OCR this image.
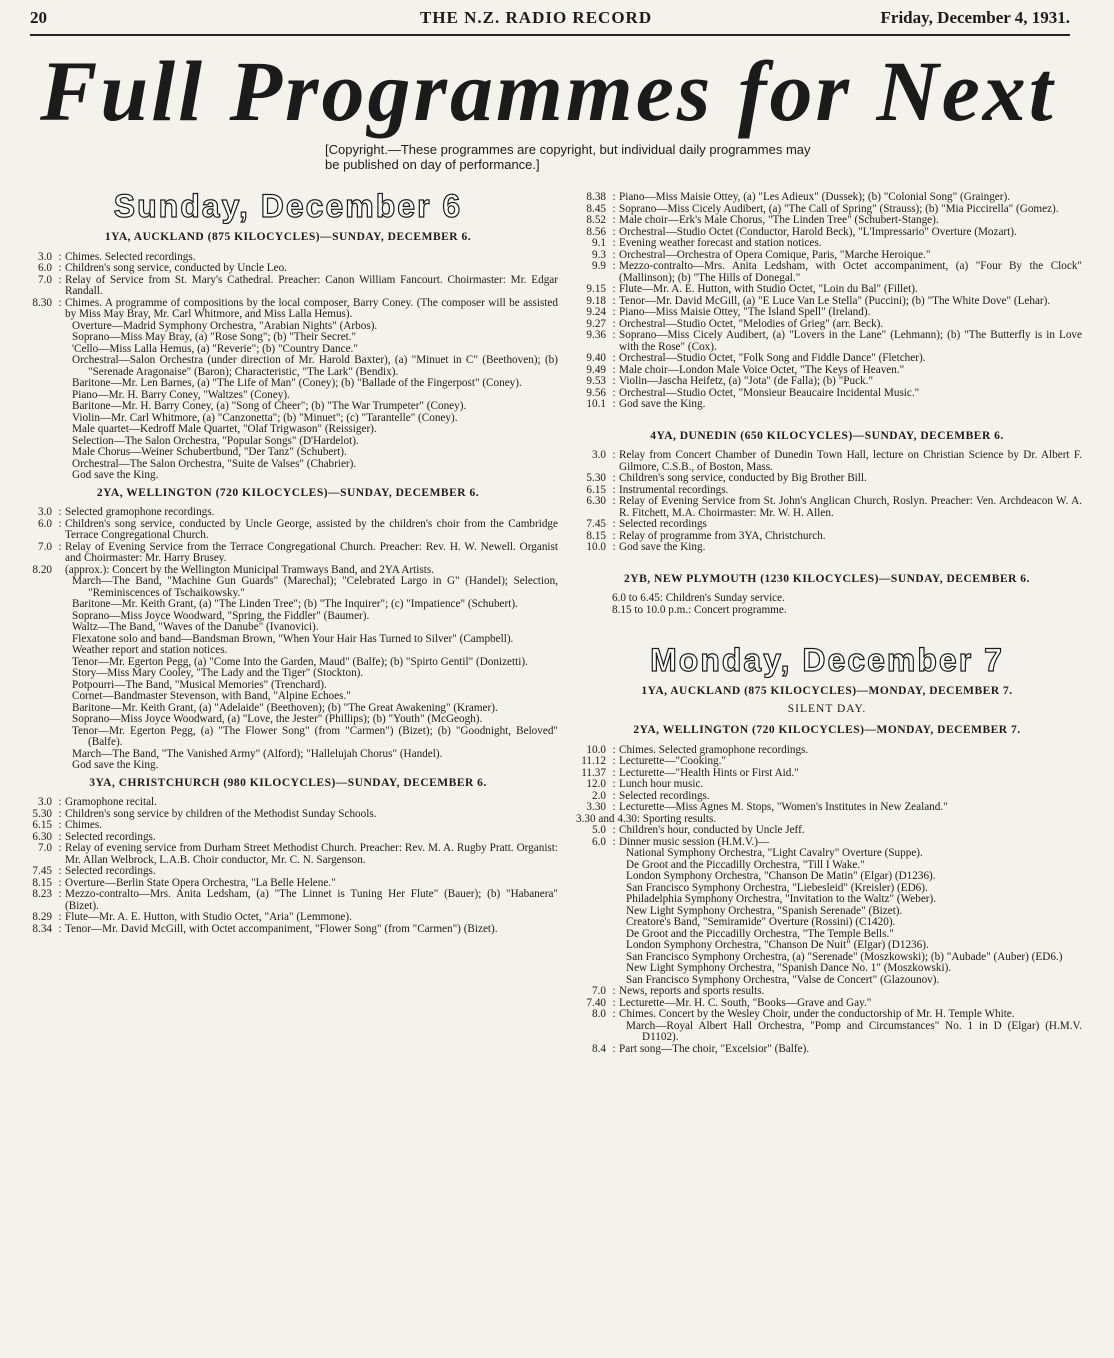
20	THE N.Z. RADIO RECORD	Friday, December 4, 1931.
Full Programmes for Next
[Copyright.—These programmes are copyright, but individual daily programmes may be published on day of performance.]
Sunday, December 6
1YA, AUCKLAND (875 KILOCYCLES)—SUNDAY, DECEMBER 6.
3.0 : Chimes. Selected recordings.
6.0 : Children's song service, conducted by Uncle Leo.
7.0 : Relay of Service from St. Mary's Cathedral. Preacher: Canon William Fancourt. Choirmaster: Mr. Edgar Randall.
8.30 : Chimes. A programme of compositions by the local composer, Barry Coney. (The composer will be assisted by Miss May Bray, Mr. Carl Whitmore, and Miss Lalla Hemus).
Overture—Madrid Symphony Orchestra, "Arabian Nights" (Arbos).
Soprano—Miss May Bray, (a) "Rose Song"; (b) "Their Secret."
'Cello—Miss Lalla Hemus, (a) "Reverie"; (b) "Country Dance."
Orchestral—Salon Orchestra (under direction of Mr. Harold Baxter), (a) "Minuet in C" (Beethoven); (b) "Serenade Aragonaise" (Baron); Characteristic, "The Lark" (Bendix).
Baritone—Mr. Len Barnes, (a) "The Life of Man" (Coney); (b) "Ballade of the Fingerpost" (Coney).
Piano—Mr. H. Barry Coney, "Waltzes" (Coney).
Baritone—Mr. H. Barry Coney, (a) "Song of Cheer"; (b) "The War Trumpeter" (Coney).
Violin—Mr. Carl Whitmore, (a) "Canzonetta"; (b) "Minuet"; (c) "Tarantelle" (Coney).
Male quartet—Kedroff Male Quartet, "Olaf Trigwason" (Reissiger).
Selection—The Salon Orchestra, "Popular Songs" (D'Hardelot).
Male Chorus—Weiner Schubertbund, "Der Tanz" (Schubert).
Orchestral—The Salon Orchestra, "Suite de Valses" (Chabrier).
God save the King.
2YA, WELLINGTON (720 KILOCYCLES)—SUNDAY, DECEMBER 6.
3.0 : Selected gramophone recordings.
6.0 : Children's song service, conducted by Uncle George, assisted by the children's choir from the Cambridge Terrace Congregational Church.
7.0 : Relay of Evening Service from the Terrace Congregational Church. Preacher: Rev. H. W. Newell. Organist and Choirmaster: Mr. Harry Brusey.
8.20 (approx.): Concert by the Wellington Municipal Tramways Band, and 2YA Artists.
March—The Band, "Machine Gun Guards" (Marechal); "Celebrated Largo in G" (Handel); Selection, "Reminiscences of Tschaikowsky."
Baritone—Mr. Keith Grant, (a) "The Linden Tree"; (b) "The Inquirer"; (c) "Impatience" (Schubert).
Soprano—Miss Joyce Woodward, "Spring, the Fiddler" (Baumer).
Waltz—The Band, "Waves of the Danube" (Ivanovici).
Flexatone solo and band—Bandsman Brown, "When Your Hair Has Turned to Silver" (Campbell).
Weather report and station notices.
Tenor—Mr. Egerton Pegg, (a) "Come Into the Garden, Maud" (Balfe); (b) "Spirto Gentil" (Donizetti).
Story—Miss Mary Cooley, "The Lady and the Tiger" (Stockton).
Potpourri—The Band, "Musical Memories" (Trenchard).
Cornet—Bandmaster Stevenson, with Band, "Alpine Echoes."
Baritone—Mr. Keith Grant, (a) "Adelaide" (Beethoven); (b) "The Great Awakening" (Kramer).
Soprano—Miss Joyce Woodward, (a) "Love, the Jester" (Phillips); (b) "Youth" (McGeogh).
Tenor—Mr. Egerton Pegg, (a) "The Flower Song" (from "Carmen") (Bizet); (b) "Goodnight, Beloved" (Balfe).
March—The Band, "The Vanished Army" (Alford); "Hallelujah Chorus" (Handel).
God save the King.
3YA, CHRISTCHURCH (980 KILOCYCLES)—SUNDAY, DECEMBER 6.
3.0 : Gramophone recital.
5.30 : Children's song service by children of the Methodist Sunday Schools.
6.15 : Chimes.
6.30 : Selected recordings.
7.0 : Relay of evening service from Durham Street Methodist Church. Preacher: Rev. M. A. Rugby Pratt. Organist: Mr. Allan Welbrock, L.A.B. Choir conductor, Mr. C. N. Sargenson.
7.45 : Selected recordings.
8.15 : Overture—Berlin State Opera Orchestra, "La Belle Helene."
8.23 : Mezzo-contralto—Mrs. Anita Ledsham, (a) "The Linnet is Tuning Her Flute" (Bauer); (b) "Habanera" (Bizet).
8.29 : Flute—Mr. A. E. Hutton, with Studio Octet, "Aria" (Lemmone).
8.34 : Tenor—Mr. David McGill, with Octet accompaniment, "Flower Song" (from "Carmen") (Bizet).
8.38 : Piano—Miss Maisie Ottey, (a) "Les Adieux" (Dussek); (b) "Colonial Song" (Grainger).
8.45 : Soprano—Miss Cicely Audibert, (a) "The Call of Spring" (Strauss); (b) "Mia Piccirella" (Gomez).
8.52 : Male choir—Erk's Male Chorus, "The Linden Tree" (Schubert-Stange).
8.56 : Orchestral—Studio Octet (Conductor, Harold Beck), "L'Impressario" Overture (Mozart).
9.1 : Evening weather forecast and station notices.
9.3 : Orchestral—Orchestra of Opera Comique, Paris, "Marche Heroique."
9.9 : Mezzo-contralto—Mrs. Anita Ledsham, with Octet accompaniment, (a) "Four By the Clock" (Mallinson); (b) "The Hills of Donegal."
9.15 : Flute—Mr. A. E. Hutton, with Studio Octet, "Loin du Bal" (Fillet).
9.18 : Tenor—Mr. David McGill, (a) "E Luce Van Le Stella" (Puccini); (b) "The White Dove" (Lehar).
9.24 : Piano—Miss Maisie Ottey, "The Island Spell" (Ireland).
9.27 : Orchestral—Studio Octet, "Melodies of Grieg" (arr. Beck).
9.36 : Soprano—Miss Cicely Audibert, (a) "Lovers in the Lane" (Lehmann); (b) "The Butterfly is in Love with the Rose" (Cox).
9.40 : Orchestral—Studio Octet, "Folk Song and Fiddle Dance" (Fletcher).
9.49 : Male choir—London Male Voice Octet, "The Keys of Heaven."
9.53 : Violin—Jascha Heifetz, (a) "Jota" (de Falla); (b) "Puck."
9.56 : Orchestral—Studio Octet, "Monsieur Beaucaire Incidental Music."
10.1 : God save the King.
4YA, DUNEDIN (650 KILOCYCLES)—SUNDAY, DECEMBER 6.
3.0 : Relay from Concert Chamber of Dunedin Town Hall, lecture on Christian Science by Dr. Albert F. Gilmore, C.S.B., of Boston, Mass.
5.30 : Children's song service, conducted by Big Brother Bill.
6.15 : Instrumental recordings.
6.30 : Relay of Evening Service from St. John's Anglican Church, Roslyn. Preacher: Ven. Archdeacon W. A. R. Fitchett, M.A. Choirmaster: Mr. W. H. Allen.
7.45 : Selected recordings
8.15 : Relay of programme from 3YA, Christchurch.
10.0 : God save the King.
2YB, NEW PLYMOUTH (1230 KILOCYCLES)—SUNDAY, DECEMBER 6.
6.0 to 6.45: Children's Sunday service.
8.15 to 10.0 p.m.: Concert programme.
Monday, December 7
1YA, AUCKLAND (875 KILOCYCLES)—MONDAY, DECEMBER 7.
SILENT DAY.
2YA, WELLINGTON (720 KILOCYCLES)—MONDAY, DECEMBER 7.
10.0 : Chimes. Selected gramophone recordings.
11.12 : Lecturette—"Cooking."
11.37 : Lecturette—"Health Hints or First Aid."
12.0 : Lunch hour music.
2.0 : Selected recordings.
3.30 : Lecturette—Miss Agnes M. Stops, "Women's Institutes in New Zealand."
3.30 and 4.30: Sporting results.
5.0 : Children's hour, conducted by Uncle Jeff.
6.0 : Dinner music session (H.M.V.)—
National Symphony Orchestra, "Light Cavalry" Overture (Suppe).
De Groot and the Piccadilly Orchestra, "Till I Wake."
London Symphony Orchestra, "Chanson De Matin" (Elgar) (D1236).
San Francisco Symphony Orchestra, "Liebesleid" (Kreisler) (ED6).
Philadelphia Symphony Orchestra, "Invitation to the Waltz" (Weber).
New Light Symphony Orchestra, "Spanish Serenade" (Bizet).
Creatore's Band, "Semiramide" Overture (Rossini) (C1420).
De Groot and the Piccadilly Orchestra, "The Temple Bells."
London Symphony Orchestra, "Chanson De Nuit" (Elgar) (D1236).
San Francisco Symphony Orchestra, (a) "Serenade" (Moszkowski); (b) "Aubade" (Auber) (ED6.)
New Light Symphony Orchestra, "Spanish Dance No. 1" (Moszkowski).
San Francisco Symphony Orchestra, "Valse de Concert" (Glazounov).
7.0 : News, reports and sports results.
7.40 : Lecturette—Mr. H. C. South, "Books—Grave and Gay."
8.0 : Chimes. Concert by the Wesley Choir, under the conductorship of Mr. H. Temple White.
March—Royal Albert Hall Orchestra, "Pomp and Circumstances" No. 1 in D (Elgar) (H.M.V. D1102).
8.4 : Part song—The choir, "Excelsior" (Balfe).
